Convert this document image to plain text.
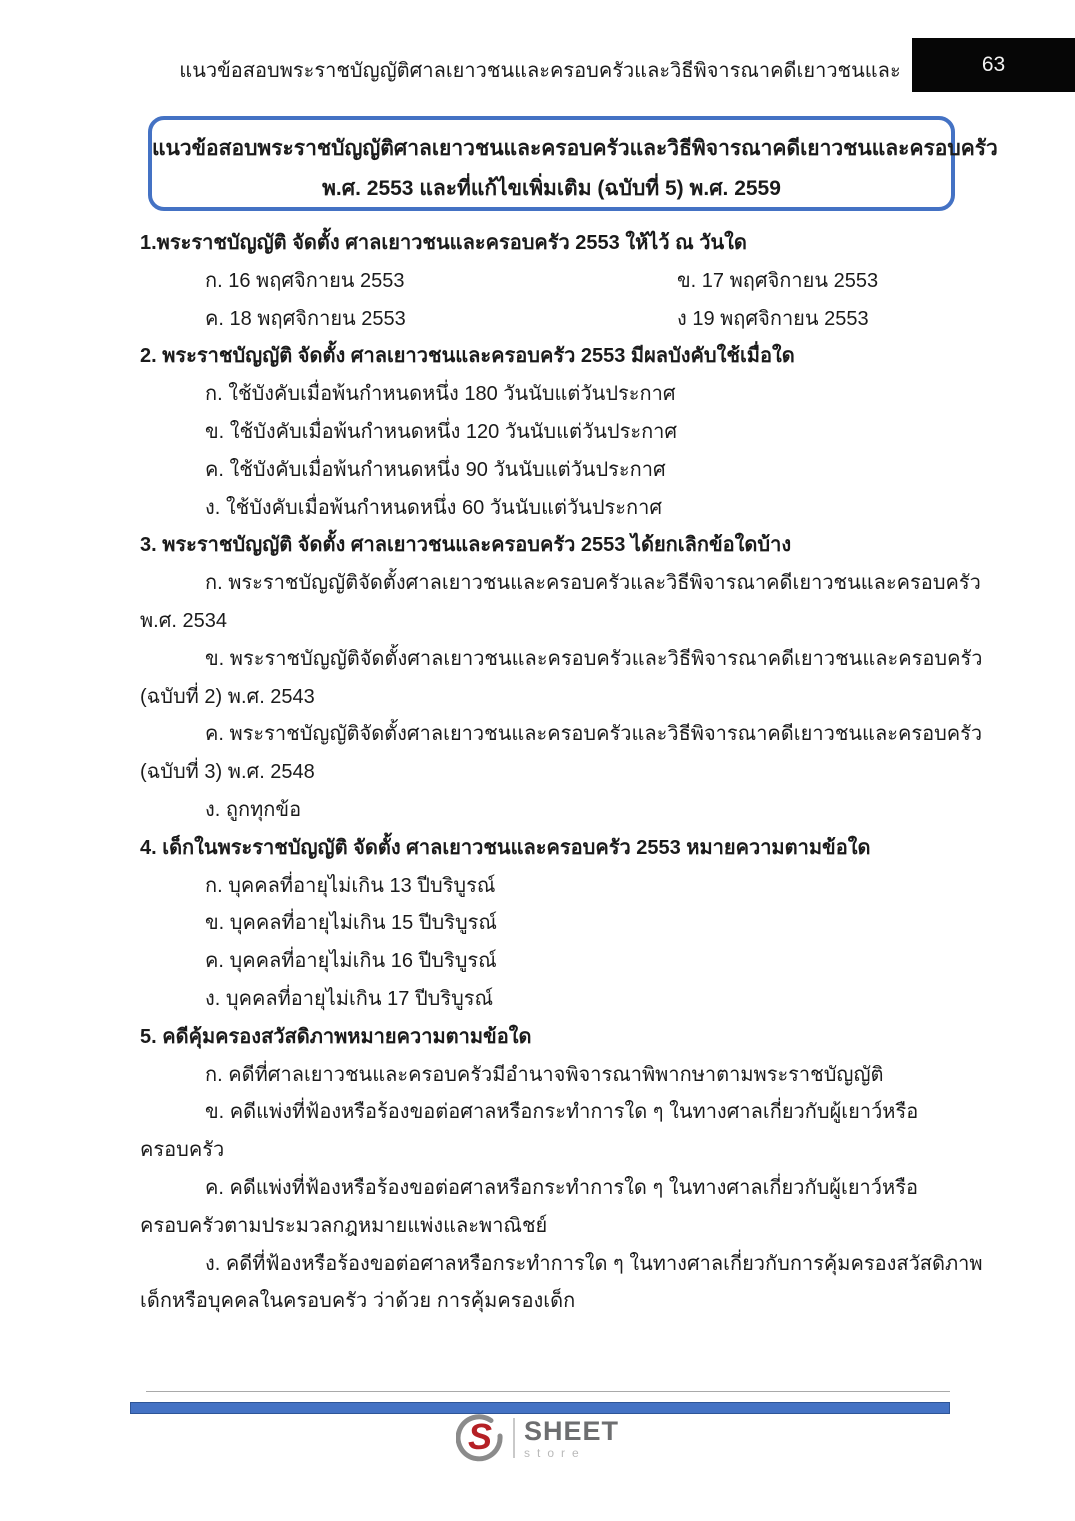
แนวข้อสอบพระราชบัญญัติศาลเยาวชนและครอบครัวและวิธีพิจารณาคดีเยาวชนและ	63
แนวข้อสอบพระราชบัญญัติศาลเยาวชนและครอบครัวและวิธีพิจารณาคดีเยาวชนและครอบครัว
พ.ศ. 2553 และที่แก้ไขเพิ่มเติม (ฉบับที่ 5) พ.ศ. 2559
1.พระราชบัญญัติ จัดตั้ง ศาลเยาวชนและครอบครัว 2553 ให้ไว้ ณ วันใด
ก. 16 พฤศจิกายน 2553	ข. 17 พฤศจิกายน 2553
ค. 18 พฤศจิกายน 2553	ง 19 พฤศจิกายน 2553
2. พระราชบัญญัติ จัดตั้ง ศาลเยาวชนและครอบครัว 2553 มีผลบังคับใช้เมื่อใด
ก. ใช้บังคับเมื่อพ้นกำหนดหนึ่ง 180 วันนับแต่วันประกาศ
ข. ใช้บังคับเมื่อพ้นกำหนดหนึ่ง 120 วันนับแต่วันประกาศ
ค. ใช้บังคับเมื่อพ้นกำหนดหนึ่ง 90 วันนับแต่วันประกาศ
ง. ใช้บังคับเมื่อพ้นกำหนดหนึ่ง 60 วันนับแต่วันประกาศ
3. พระราชบัญญัติ จัดตั้ง ศาลเยาวชนและครอบครัว 2553 ได้ยกเลิกข้อใดบ้าง
ก. พระราชบัญญัติจัดตั้งศาลเยาวชนและครอบครัวและวิธีพิจารณาคดีเยาวชนและครอบครัว
พ.ศ. 2534
ข. พระราชบัญญัติจัดตั้งศาลเยาวชนและครอบครัวและวิธีพิจารณาคดีเยาวชนและครอบครัว
(ฉบับที่ 2) พ.ศ. 2543
ค. พระราชบัญญัติจัดตั้งศาลเยาวชนและครอบครัวและวิธีพิจารณาคดีเยาวชนและครอบครัว
(ฉบับที่ 3) พ.ศ. 2548
ง. ถูกทุกข้อ
4. เด็กในพระราชบัญญัติ จัดตั้ง ศาลเยาวชนและครอบครัว 2553 หมายความตามข้อใด
ก. บุคคลที่อายุไม่เกิน 13 ปีบริบูรณ์
ข. บุคคลที่อายุไม่เกิน 15 ปีบริบูรณ์
ค. บุคคลที่อายุไม่เกิน 16 ปีบริบูรณ์
ง. บุคคลที่อายุไม่เกิน 17 ปีบริบูรณ์
5. คดีคุ้มครองสวัสดิภาพหมายความตามข้อใด
ก. คดีที่ศาลเยาวชนและครอบครัวมีอำนาจพิจารณาพิพากษาตามพระราชบัญญัติ
ข. คดีแพ่งที่ฟ้องหรือร้องขอต่อศาลหรือกระทำการใด ๆ ในทางศาลเกี่ยวกับผู้เยาว์หรือ
ครอบครัว
ค. คดีแพ่งที่ฟ้องหรือร้องขอต่อศาลหรือกระทำการใด ๆ ในทางศาลเกี่ยวกับผู้เยาว์หรือ
ครอบครัวตามประมวลกฎหมายแพ่งและพาณิชย์
ง. คดีที่ฟ้องหรือร้องขอต่อศาลหรือกระทำการใด ๆ ในทางศาลเกี่ยวกับการคุ้มครองสวัสดิภาพ
เด็กหรือบุคคลในครอบครัว ว่าด้วย การคุ้มครองเด็ก
S SHEET
store
